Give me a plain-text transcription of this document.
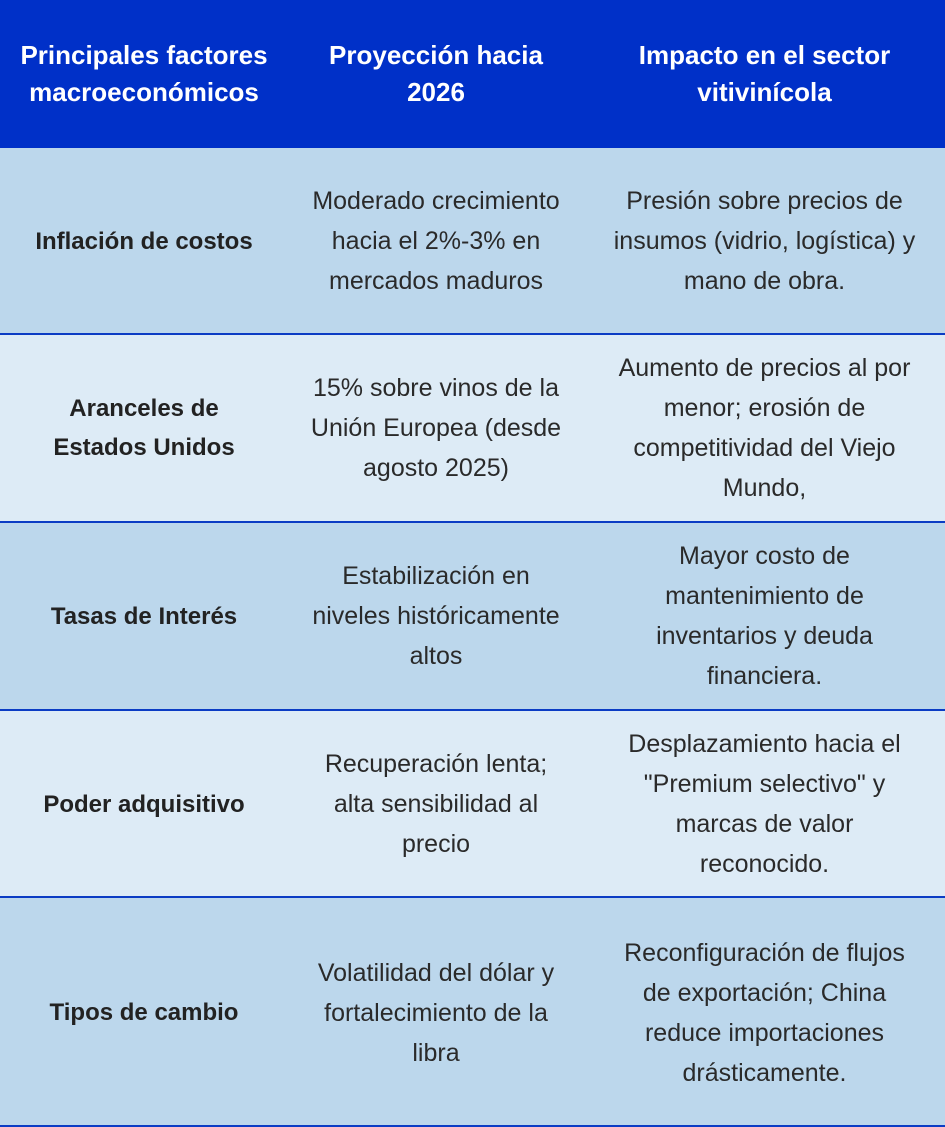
Principales factores macroeconómicos
Proyección hacia 2026
Impacto en el sector vitivinícola
Inflación de costos
Moderado crecimiento hacia el 2%-3% en mercados maduros
Presión sobre precios de insumos (vidrio, logística) y mano de obra.
Aranceles de Estados Unidos
15% sobre vinos de la Unión Europea (desde agosto 2025)
Aumento de precios al por menor; erosión de competitividad del Viejo Mundo,
Tasas de Interés
Estabilización en niveles históricamente altos
Mayor costo de mantenimiento de inventarios y deuda financiera.
Poder adquisitivo
Recuperación lenta; alta sensibilidad al precio
Desplazamiento hacia el "Premium selectivo" y marcas de valor reconocido.
Tipos de cambio
Volatilidad del dólar y fortalecimiento de la libra
Reconfiguración de flujos de exportación; China reduce importaciones drásticamente.
